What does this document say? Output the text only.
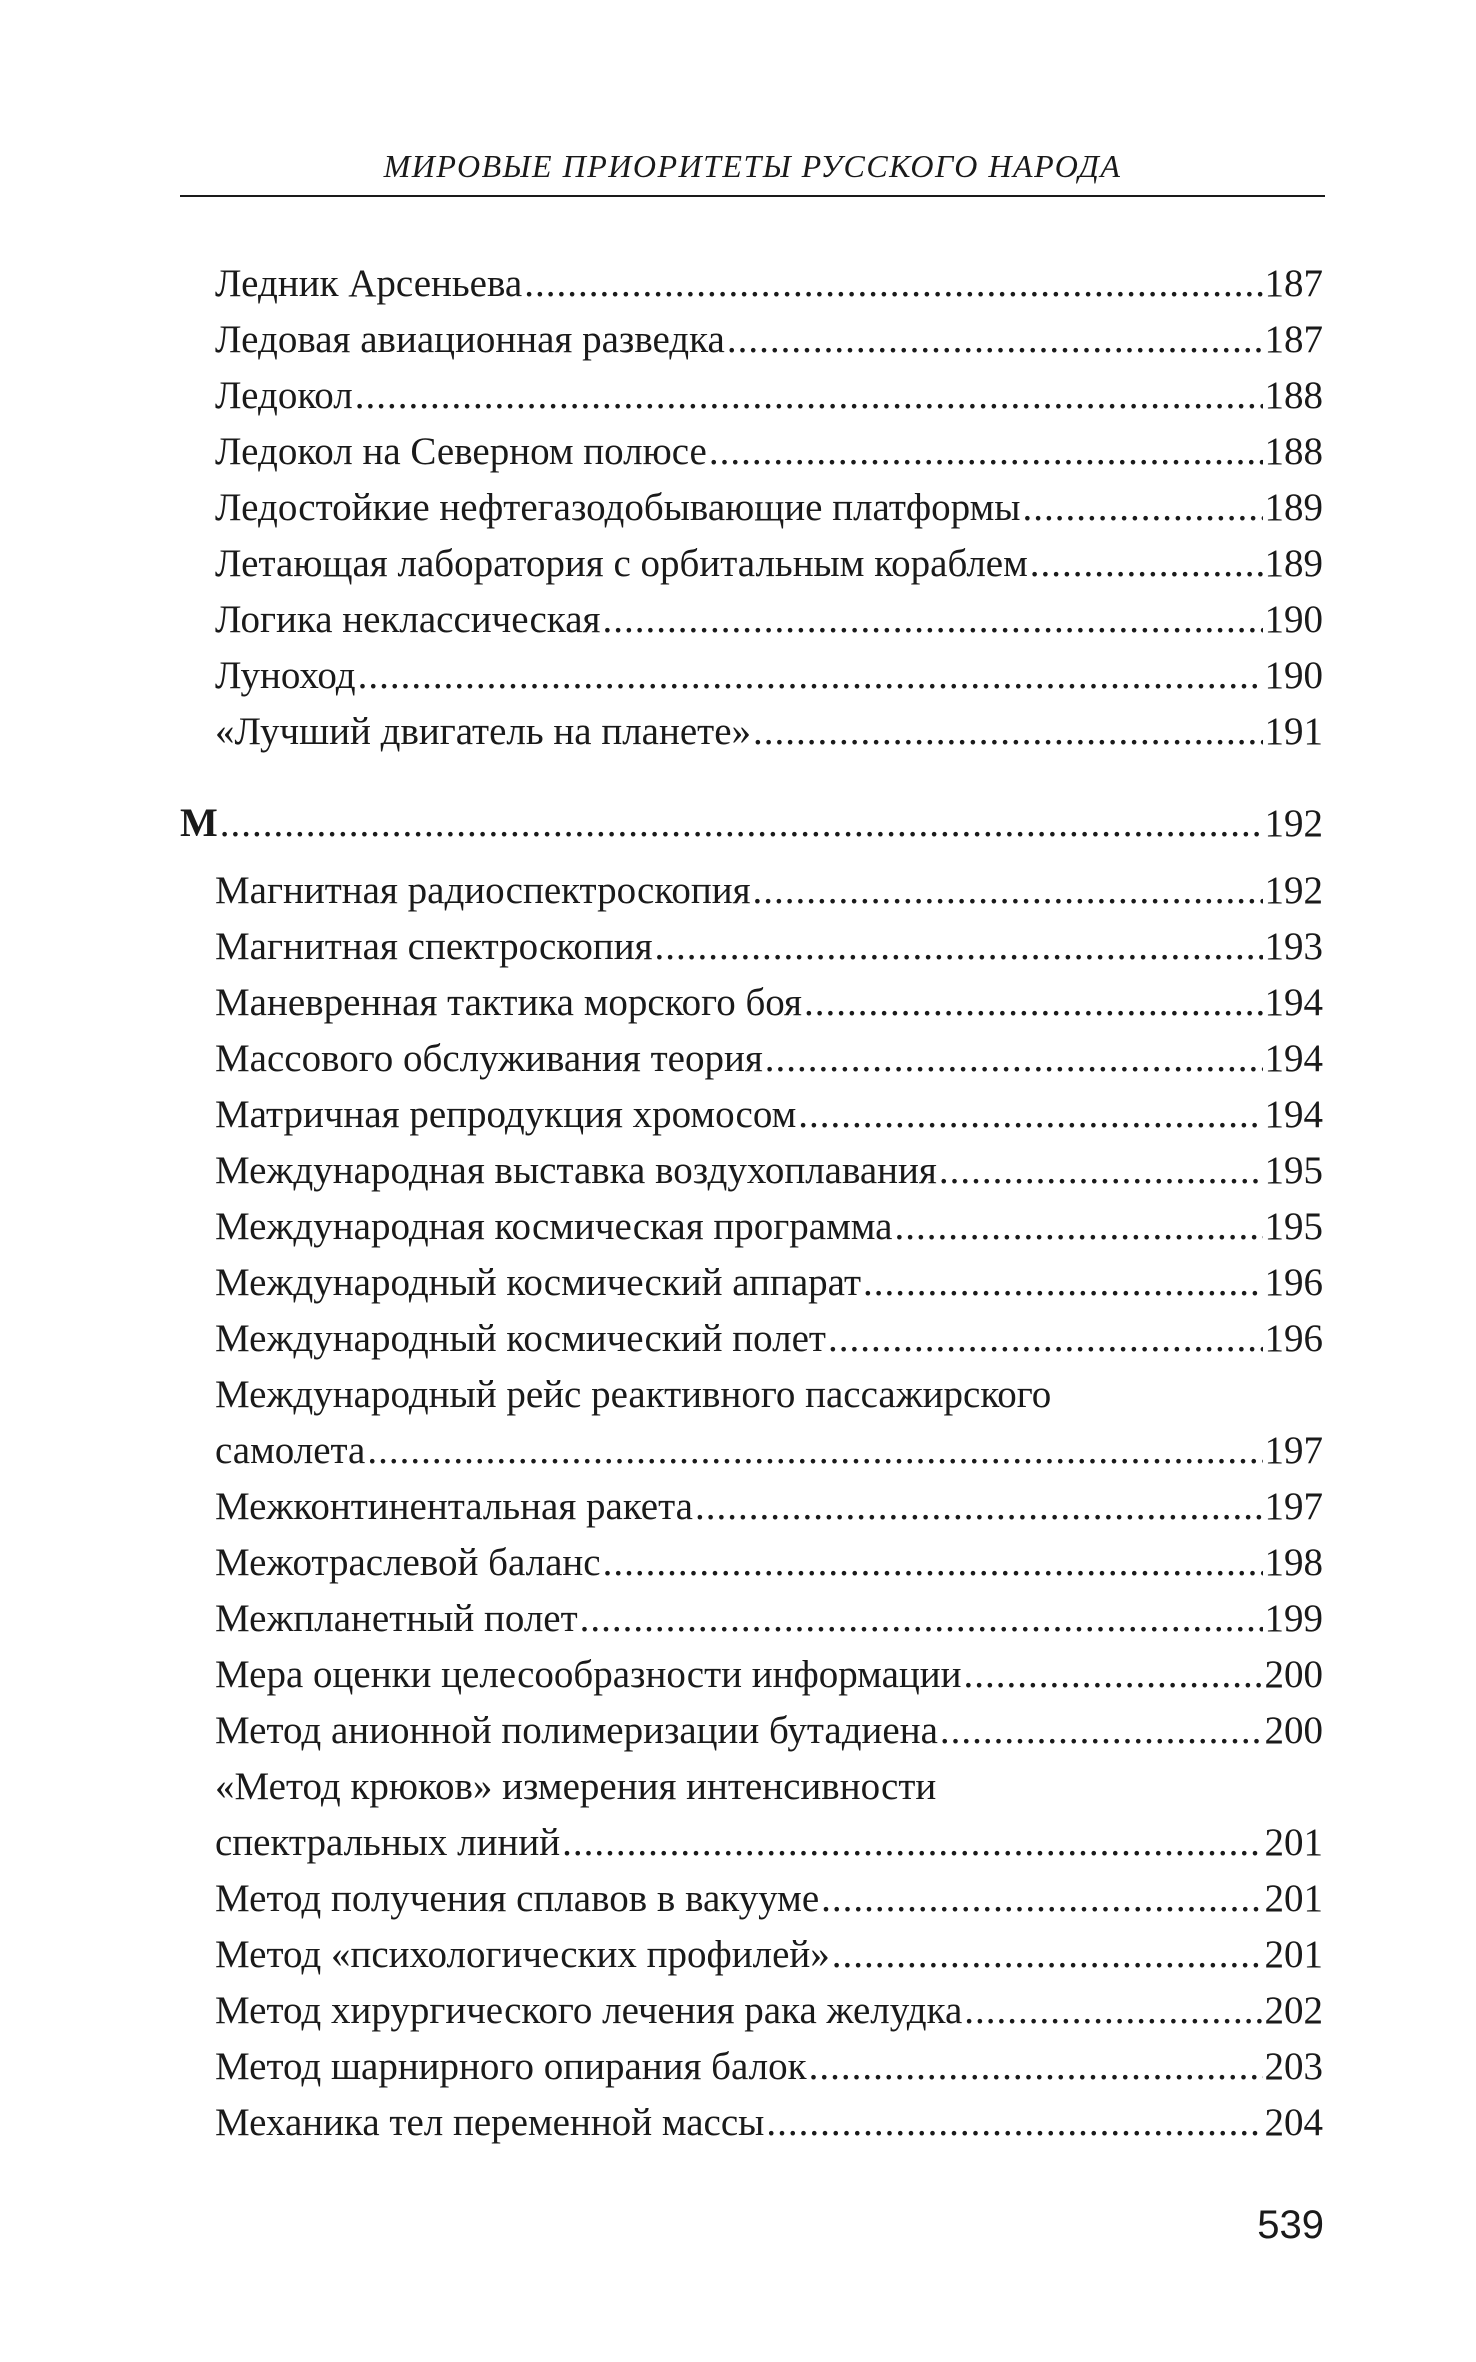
МИРОВЫЕ ПРИОРИТЕТЫ РУССКОГО НАРОДА
Ледник Арсеньева .....	187
Ледовая авиационная разведка .....	187
Ледокол .....	188
Ледокол на Северном полюсе .....	188
Ледостойкие нефтегазодобывающие платформы .....	189
Летающая лаборатория с орбитальным кораблем .....	189
Логика неклассическая .....	190
Луноход .....	190
«Лучший двигатель на планете» .....	191
М .....	192
Магнитная радиоспектроскопия .....	192
Магнитная спектроскопия .....	193
Маневренная тактика морского боя .....	194
Массового обслуживания теория .....	194
Матричная репродукция хромосом .....	194
Международная выставка воздухоплавания .....	195
Международная космическая программа .....	195
Международный космический аппарат .....	196
Международный космический полет .....	196
Международный рейс реактивного пассажирского
самолета .....	197
Межконтинентальная ракета .....	197
Межотраслевой баланс .....	198
Межпланетный полет .....	199
Мера оценки целесообразности информации .....	200
Метод анионной полимеризации бутадиена .....	200
«Метод крюков» измерения интенсивности
спектральных линий .....	201
Метод получения сплавов в вакууме .....	201
Метод «психологических профилей» .....	201
Метод хирургического лечения рака желудка .....	202
Метод шарнирного опирания балок .....	203
Механика тел переменной массы .....	204
539
